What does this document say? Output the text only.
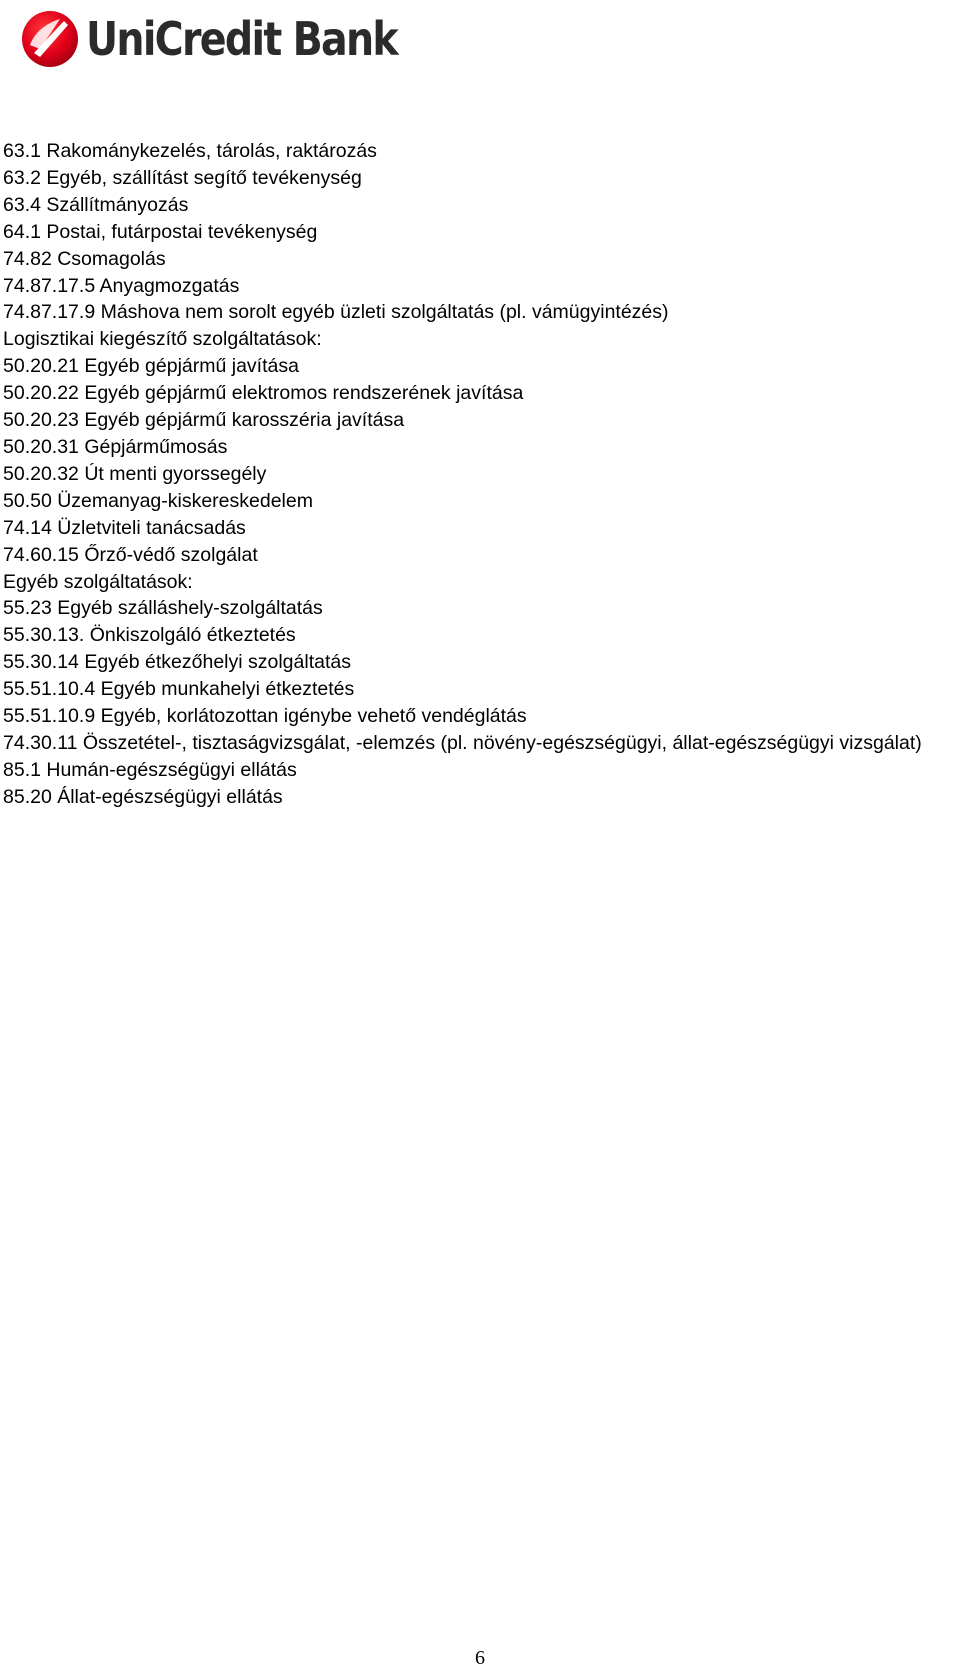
UniCredit Bank

63.1 Rakománykezelés, tárolás, raktározás

63.2 Egyéb, szállítást segítő tevékenység

63.4 Szállítmányozás

64.1 Postai, futárpostai tevékenység

74.82 Csomagolás

74.87.17.5 Anyagmozgatás

74.87.17.9 Máshova nem sorolt egyéb üzleti szolgáltatás (pl. vámügyintézés)

Logisztikai kiegészítő szolgáltatások:

50.20.21 Egyéb gépjármű javítása

50.20.22 Egyéb gépjármű elektromos rendszerének javítása

50.20.23 Egyéb gépjármű karosszéria javítása

50.20.31 Gépjárműmosás

50.20.32 Út menti gyorssegély

50.50 Üzemanyag-kiskereskedelem

74.14 Üzletviteli tanácsadás

74.60.15 Őrző-védő szolgálat

Egyéb szolgáltatások:

55.23 Egyéb szálláshely-szolgáltatás

55.30.13. Önkiszolgáló étkeztetés

55.30.14 Egyéb étkezőhelyi szolgáltatás

55.51.10.4 Egyéb munkahelyi étkeztetés

55.51.10.9 Egyéb, korlátozottan igénybe vehető vendéglátás

74.30.11 Összetétel-, tisztaságvizsgálat, -elemzés (pl. növény-egészségügyi, állat-egészségügyi vizsgálat)

85.1 Humán-egészségügyi ellátás

85.20 Állat-egészségügyi ellátás

6
